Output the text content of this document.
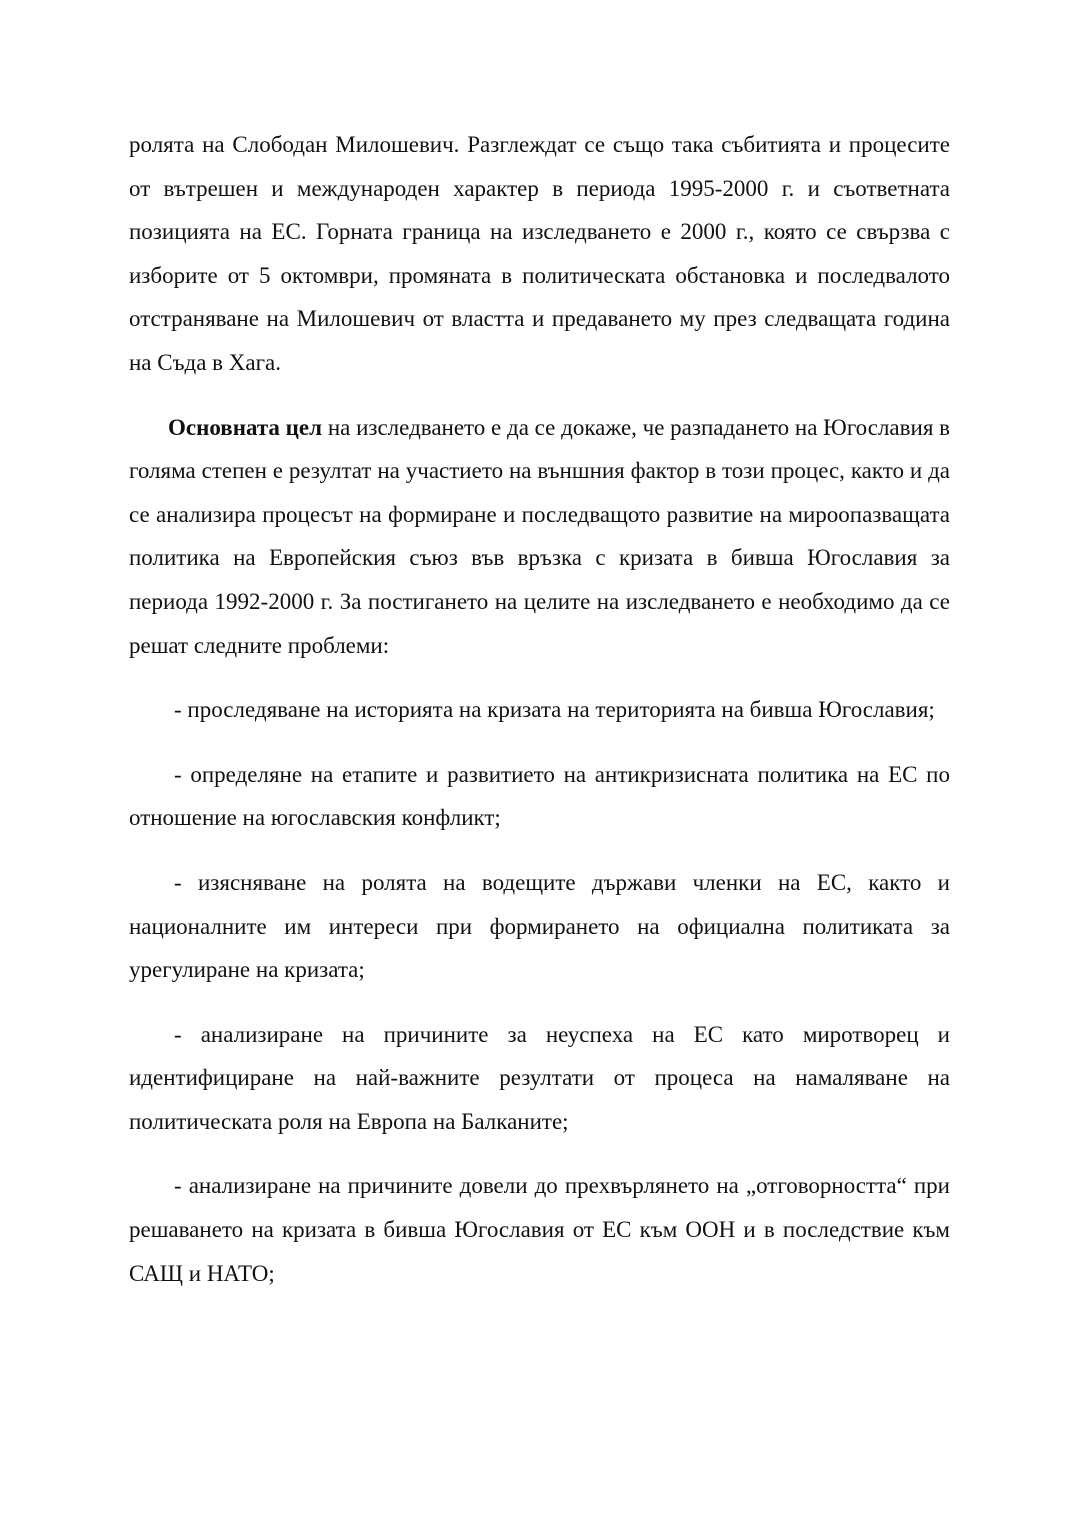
ролята на Слободан Милошевич. Разглеждат се също така събитията и процесите от вътрешен и международен характер в периода 1995-2000 г. и съответната позицията на ЕС. Горната граница на изследването е 2000 г., която се свързва с изборите от 5 октомври, промяната в политическата обстановка и последвалото отстраняване на Милошевич от властта и предаването му през следващата година на Съда в Хага.

Основната цел на изследването е да се докаже, че разпадането на Югославия в голяма степен е резултат на участието на външния фактор в този процес, както и да се анализира процесът на формиране и последващото развитие на мироопазващата политика на Европейския съюз във връзка с кризата в бивша Югославия за периода 1992-2000 г. За постигането на целите на изследването е необходимо да се решат следните проблеми:

- проследяване на историята на кризата на територията на бивша Югославия;

- определяне на етапите и развитието на антикризисната политика на ЕС по отношение на югославския конфликт;

- изясняване на ролята на водещите държави членки на ЕС, както и националните им интереси при формирането на официална политиката за урегулиране на кризата;

- анализиране на причините за неуспеха на ЕС като миротворец и идентифициране на най-важните резултати от процеса на намаляване на политическата роля на Европа на Балканите;

- анализиране на причините довели до прехвърлянето на „отговорността“ при решаването на кризата в бивша Югославия от ЕС към ООН и в последствие към САЩ и НАТО;
